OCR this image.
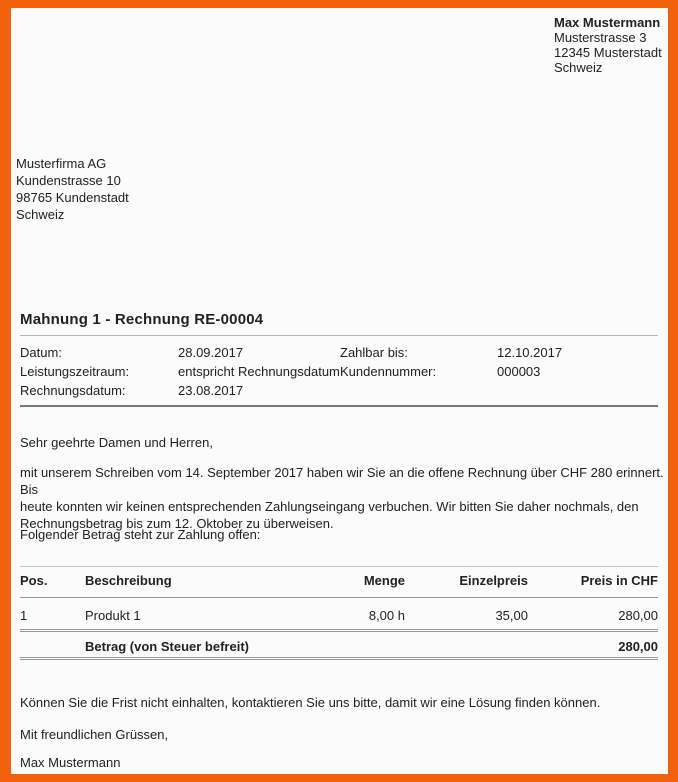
Max Mustermann
Musterstrasse 3
12345 Musterstadt
Schweiz
Musterfirma AG
Kundenstrasse 10
98765 Kundenstadt
Schweiz
Mahnung 1 - Rechnung RE-00004
Datum:	28.09.2017	Zahlbar bis:	12.10.2017
Leistungszeitraum:	entspricht Rechnungsdatum Kundennummer:	000003
Rechnungsdatum:	23.08.2017
Sehr geehrte Damen und Herren,
mit unserem Schreiben vom 14. September 2017 haben wir Sie an die offene Rechnung über CHF 280 erinnert. Bis
heute konnten wir keinen entsprechenden Zahlungseingang verbuchen. Wir bitten Sie daher nochmals, den
Rechnungsbetrag bis zum 12. Oktober zu überweisen.
Folgender Betrag steht zur Zahlung offen:
Pos.	Beschreibung	Menge	Einzelpreis	Preis in CHF
1	Produkt 1	8,00 h	35,00	280,00
Betrag (von Steuer befreit)	280,00
Können Sie die Frist nicht einhalten, kontaktieren Sie uns bitte, damit wir eine Lösung finden können.
Mit freundlichen Grüssen,
Max Mustermann
